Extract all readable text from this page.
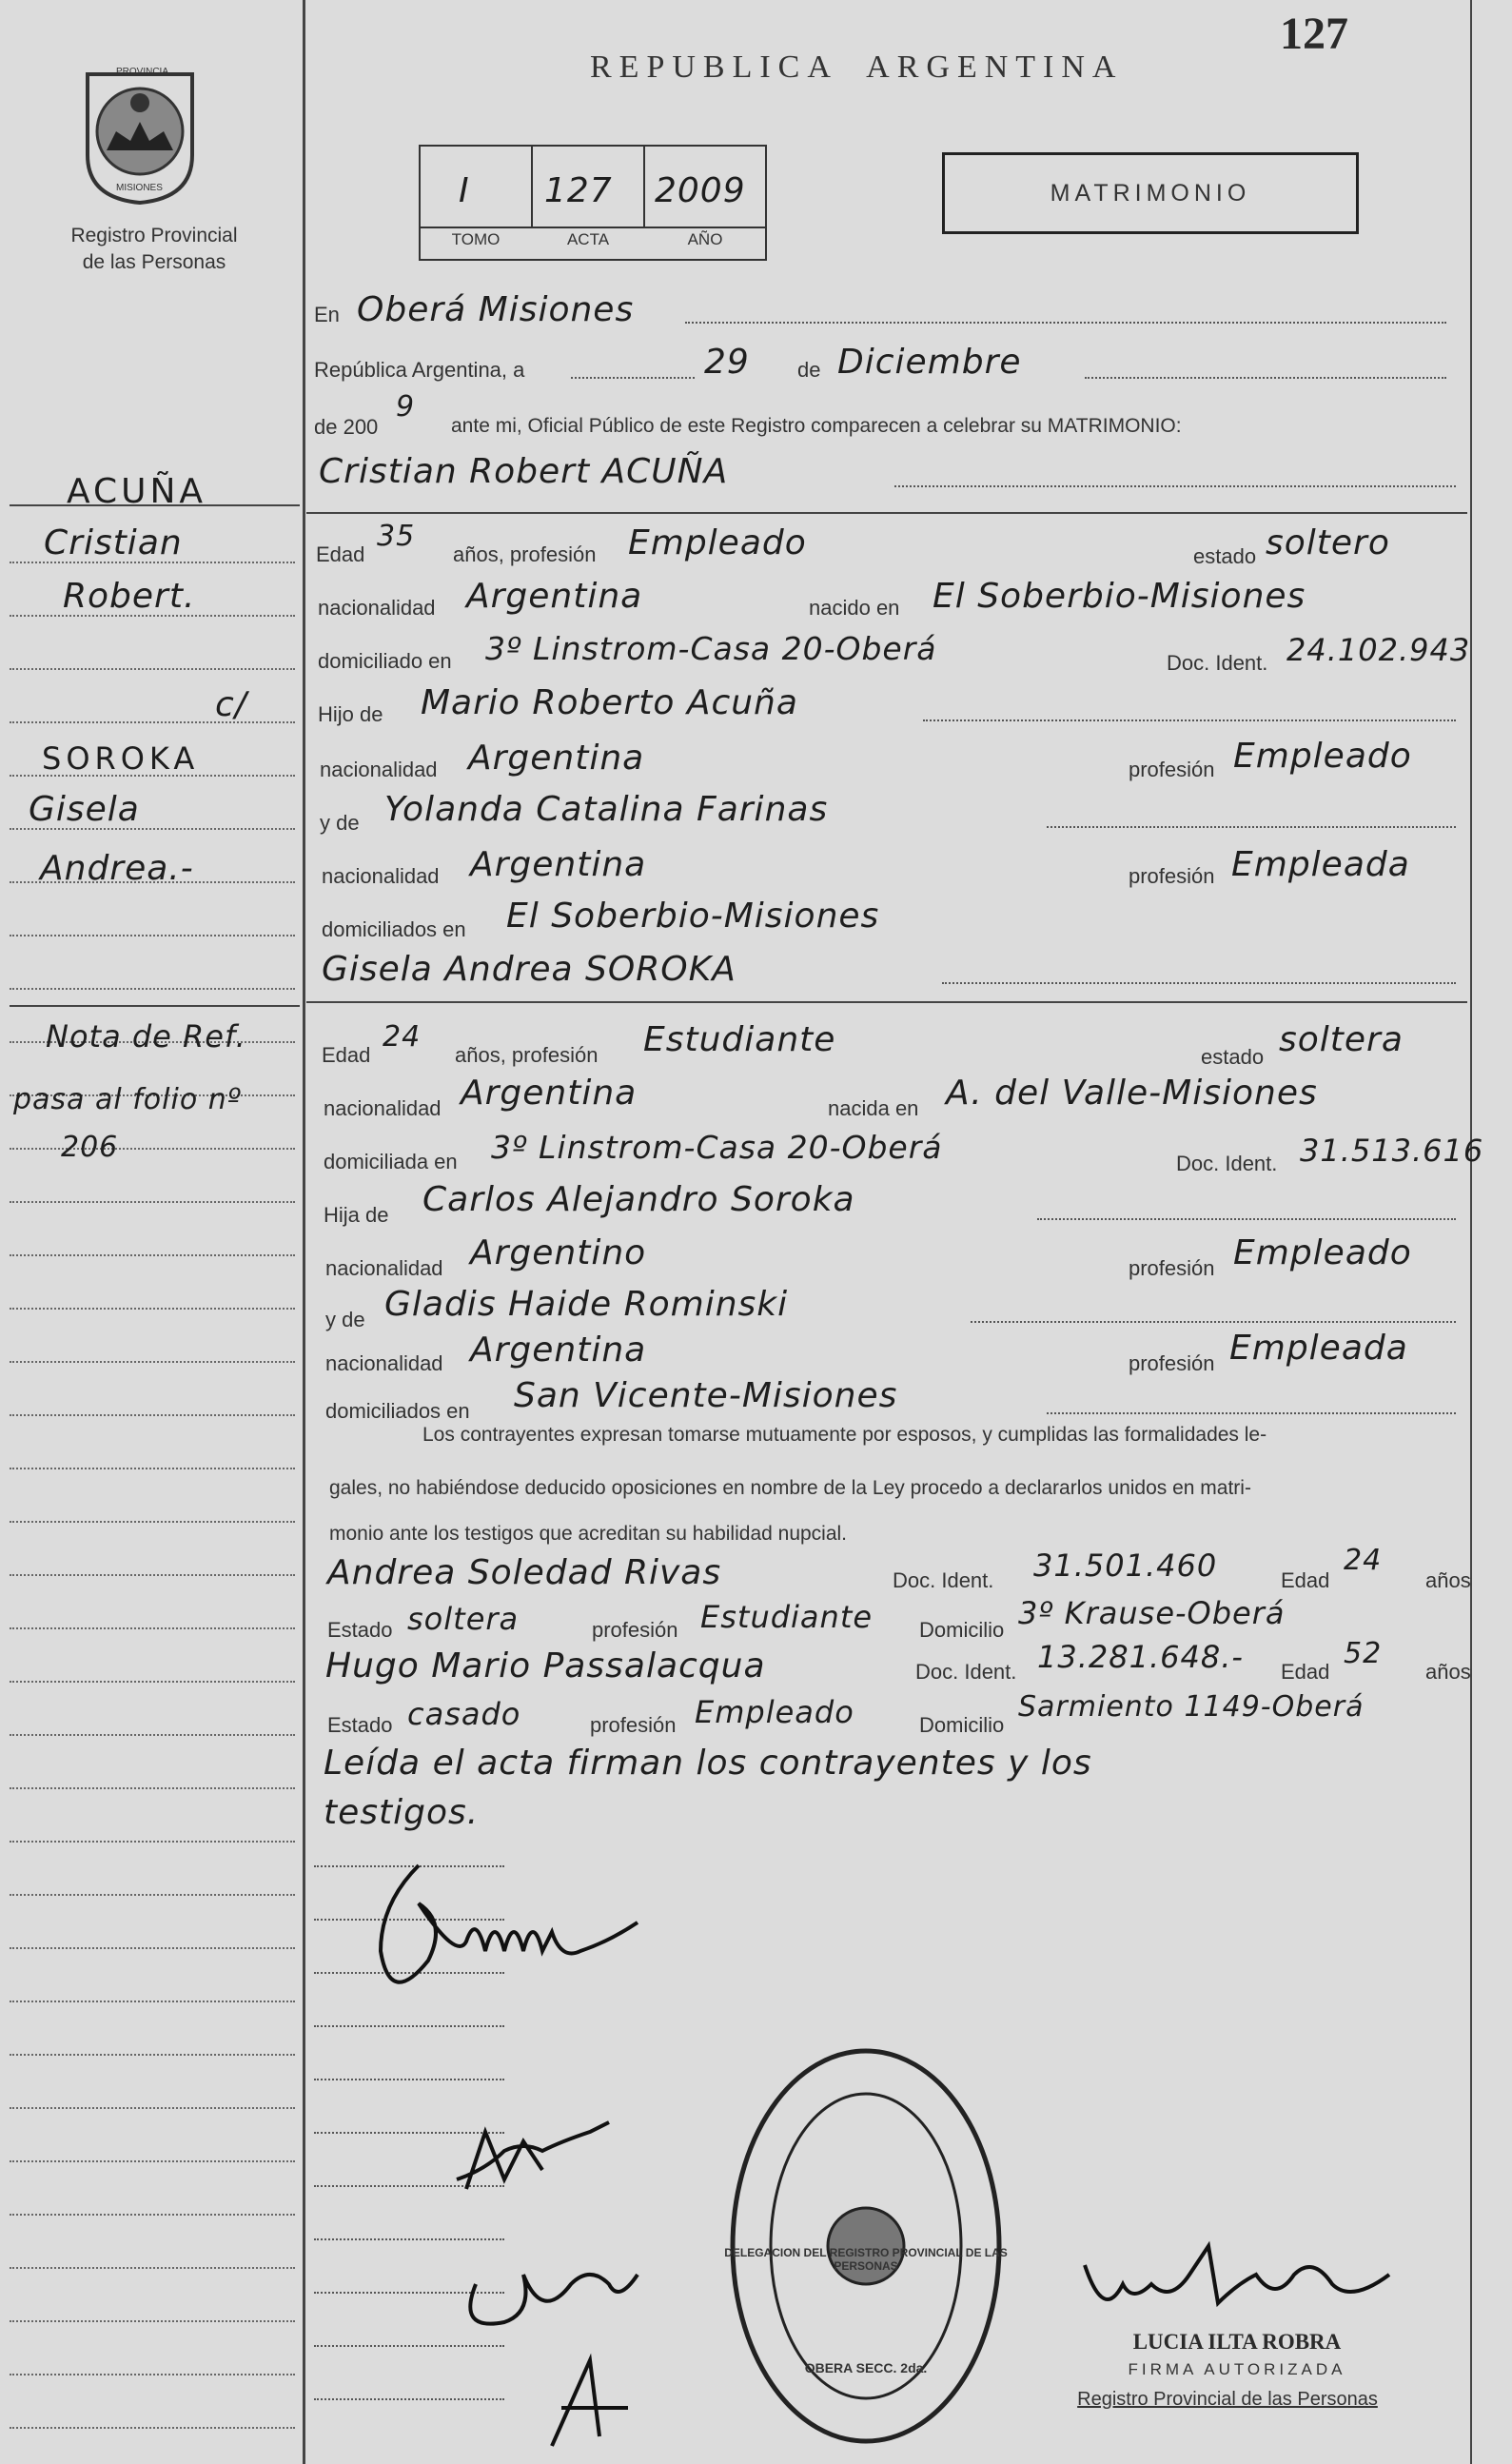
PROVINCIA
MISIONES
Registro Provincial
de las Personas
REPUBLICA  ARGENTINA
127
I 127 2009
TOMO	ACTA	AÑO
MATRIMONIO
En Oberá Misiones
República Argentina, a	29 de Diciembre
de 200
9
ante mi, Oficial Público de este Registro comparecen a celebrar su MATRIMONIO:
Cristian Robert ACUÑA
Edad
35
años, profesión Empleado	estado soltero
nacionalidad Argentina	nacido en El Soberbio-Misiones
domiciliado en 3º Linstrom-Casa 20-Oberá	Doc. Ident. 24.102.943
Hijo de Mario Roberto Acuña
nacionalidad Argentina	profesión Empleado
y de Yolanda Catalina Farinas
nacionalidad Argentina	profesión Empleada
domiciliados en El Soberbio-Misiones
Gisela Andrea SOROKA
Edad
24
años, profesión Estudiante	estado soltera
nacionalidad Argentina	nacida en A. del Valle-Misiones
domiciliada en 3º Linstrom-Casa 20-Oberá	Doc. Ident. 31.513.616
Hija de Carlos Alejandro Soroka
nacionalidad Argentino	profesión Empleado
y de Gladis Haide Rominski
nacionalidad Argentina	profesión Empleada
domiciliados en San Vicente-Misiones
Los contrayentes expresan tomarse mutuamente por esposos, y cumplidas las formalidades le-
gales, no habiéndose deducido oposiciones en nombre de la Ley procedo a declararlos unidos en matri-
monio ante los testigos que acreditan su habilidad nupcial.
Andrea Soledad Rivas	Doc. Ident. 31.501.460	Edad
24
años
Estado soltera	profesión Estudiante Domicilio 3º Krause-Oberá
Hugo Mario Passalacqua	Doc. Ident. 13.281.648.- Edad
52
años
Estado casado	profesión Empleado	Domicilio
Sarmiento 1149-Oberá
Leída el acta firman los contrayentes y los
testigos.
ACUÑA
Cristian
Robert.
c/
SOROKA
Gisela
Andrea.-
Nota de Ref.
pasa al folio nº
206
DELEGACION DEL REGISTRO PROVINCIAL DE LAS PERSONAS
OBERA SECC. 2da.
LUCIA ILTA ROBRA
FIRMA AUTORIZADA
Registro Provincial de las Personas
